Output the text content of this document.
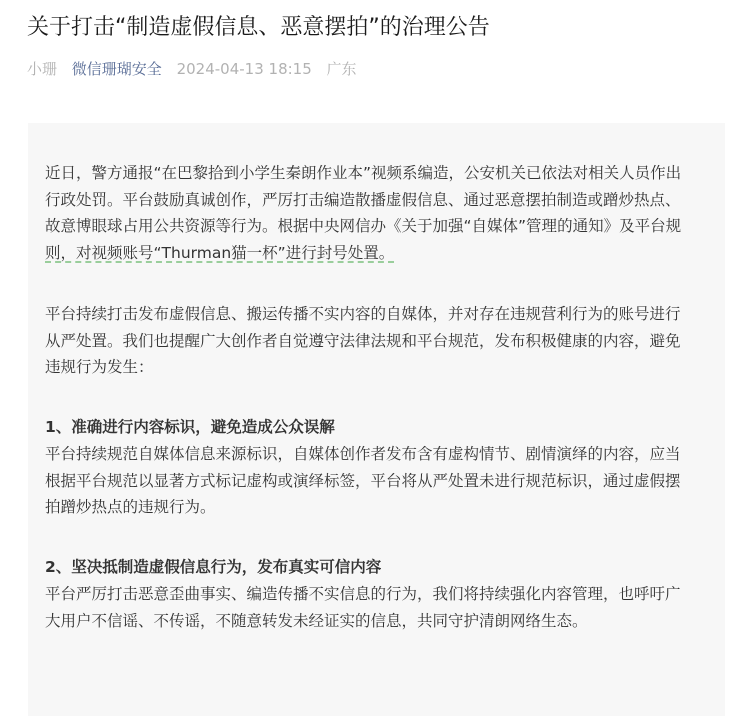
关于打击“制造虚假信息、恶意摆拍”的治理公告
小珊 微信珊瑚安全 2024-04-13 18:15 广东
近日，警方通报“在巴黎拾到小学生秦朗作业本”视频系编造，公安机关已依法对相关人员作出
行政处罚。平台鼓励真诚创作，严厉打击编造散播虚假信息、通过恶意摆拍制造或蹭炒热点、
故意博眼球占用公共资源等行为。根据中央网信办《关于加强“自媒体”管理的通知》及平台规
则，对视频账号“Thurman猫一杯”进行封号处置。
平台持续打击发布虚假信息、搬运传播不实内容的自媒体，并对存在违规营利行为的账号进行
从严处置。我们也提醒广大创作者自觉遵守法律法规和平台规范，发布积极健康的内容，避免
违规行为发生：
1、准确进行内容标识，避免造成公众误解
平台持续规范自媒体信息来源标识，自媒体创作者发布含有虚构情节、剧情演绎的内容，应当
根据平台规范以显著方式标记虚构或演绎标签，平台将从严处置未进行规范标识，通过虚假摆
拍蹭炒热点的违规行为。
2、坚决抵制造虚假信息行为，发布真实可信内容
平台严厉打击恶意歪曲事实、编造传播不实信息的行为，我们将持续强化内容管理，也呼吁广
大用户不信谣、不传谣，不随意转发未经证实的信息，共同守护清朗网络生态。
